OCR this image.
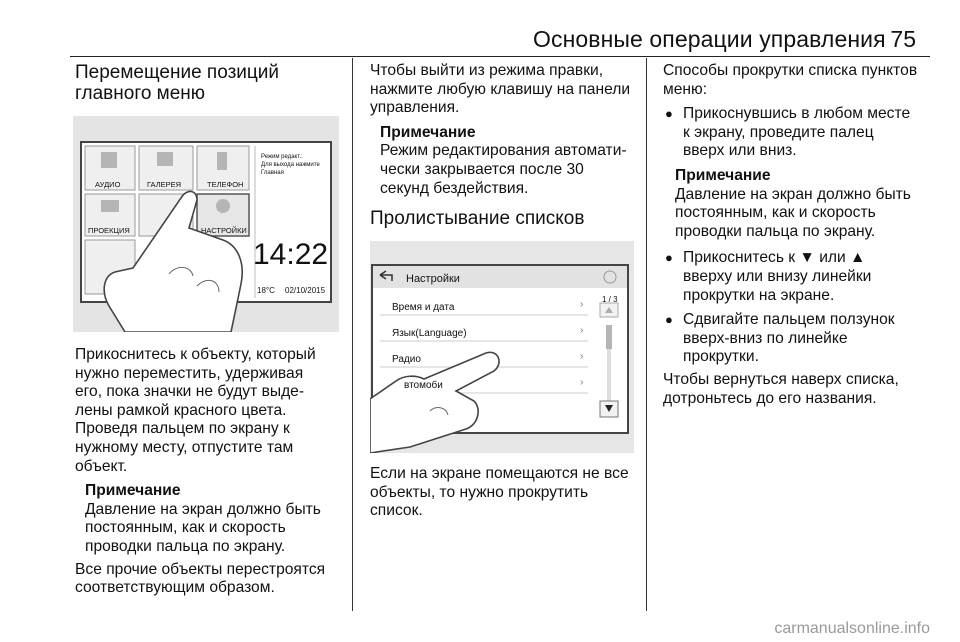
Основные операции управления 75
Перемещение позиций
главного меню
АУДИО	ГАЛЕРЕЯ	ТЕЛЕФОН
ПРОЕКЦИЯ	НАСТРОЙКИ
Режим редакт.:
Для выхода нажмите
Главная
14:22
18°C 02/10/2015

Прикоснитесь к объекту, который
нужно переместить, удерживая
его, пока значки не будут выде-
лены рамкой красного цвета.
Проведя пальцем по экрану к
нужному месту, отпустите там
объект.

Примечание
Давление на экран должно быть
постоянным, как и скорость
проводки пальца по экрану.

Все прочие объекты перестроятся
соответствующим образом.

Чтобы выйти из режима правки,
нажмите любую клавишу на панели
управления.

Примечание
Режим редактирования автомати-
чески закрывается после 30
секунд бездействия.
Пролистывание списков
›
›
›
›
Настройки
1 / 3
Время и дата
Язык(Language)
Радио
втомоби

Если на экране помещаются не все
объекты, то нужно прокрутить
список.

Способы прокрутки списка пунктов
меню:

● Прикоснувшись в любом месте
к экрану, проведите палец
вверх или вниз.
Примечание
Давление на экран должно быть
постоянным, как и скорость
проводки пальца по экрану.
● Прикоснитесь к ▼ или ▲
вверху или внизу линейки
прокрутки на экране.
● Сдвигайте пальцем ползунок
вверх-вниз по линейке
прокрутки.

Чтобы вернуться наверх списка,
дотроньтесь до его названия.

carmanualsonline.info
